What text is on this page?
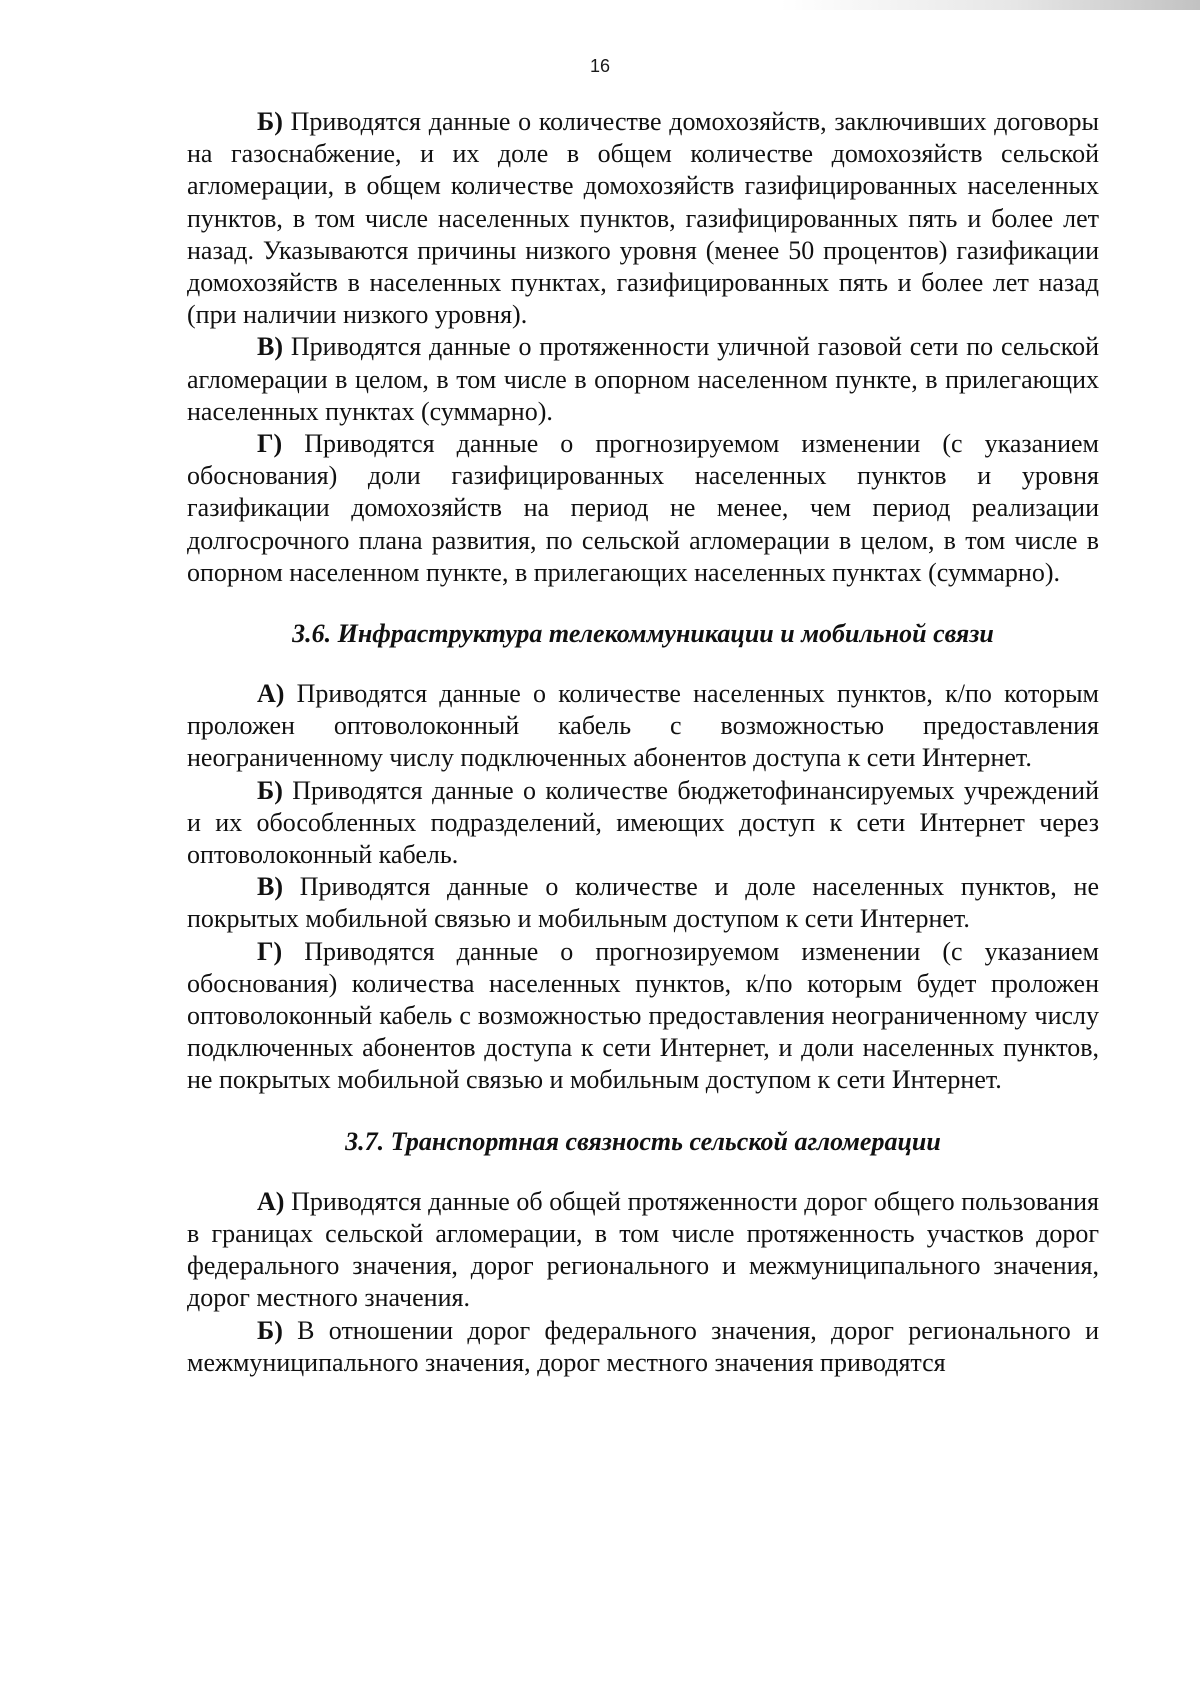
16

Б) Приводятся данные о количестве домохозяйств, заключивших договоры на газоснабжение, и их доле в общем количестве домохозяйств сельской агломерации, в общем количестве домохозяйств газифицированных населенных пунктов, в том числе населенных пунктов, газифицированных пять и более лет назад. Указываются причины низкого уровня (менее 50 процентов) газификации домохозяйств в населенных пунктах, газифицированных пять и более лет назад (при наличии низкого уровня).

В) Приводятся данные о протяженности уличной газовой сети по сельской агломерации в целом, в том числе в опорном населенном пункте, в прилегающих населенных пунктах (суммарно).

Г) Приводятся данные о прогнозируемом изменении (с указанием обоснования) доли газифицированных населенных пунктов и уровня газификации домохозяйств на период не менее, чем период реализации долгосрочного плана развития, по сельской агломерации в целом, в том числе в опорном населенном пункте, в прилегающих населенных пунктах (суммарно).

3.6. Инфраструктура телекоммуникации и мобильной связи

А) Приводятся данные о количестве населенных пунктов, к/по которым проложен оптоволоконный кабель с возможностью предоставления неограниченному числу подключенных абонентов доступа к сети Интернет.

Б) Приводятся данные о количестве бюджетофинансируемых учреждений и их обособленных подразделений, имеющих доступ к сети Интернет через оптоволоконный кабель.

В) Приводятся данные о количестве и доле населенных пунктов, не покрытых мобильной связью и мобильным доступом к сети Интернет.

Г) Приводятся данные о прогнозируемом изменении (с указанием обоснования) количества населенных пунктов, к/по которым будет проложен оптоволоконный кабель с возможностью предоставления неограниченному числу подключенных абонентов доступа к сети Интернет, и доли населенных пунктов, не покрытых мобильной связью и мобильным доступом к сети Интернет.

3.7. Транспортная связность сельской агломерации

А) Приводятся данные об общей протяженности дорог общего пользования в границах сельской агломерации, в том числе протяженность участков дорог федерального значения, дорог регионального и межмуниципального значения, дорог местного значения.

Б) В отношении дорог федерального значения, дорог регионального и межмуниципального значения, дорог местного значения приводятся
